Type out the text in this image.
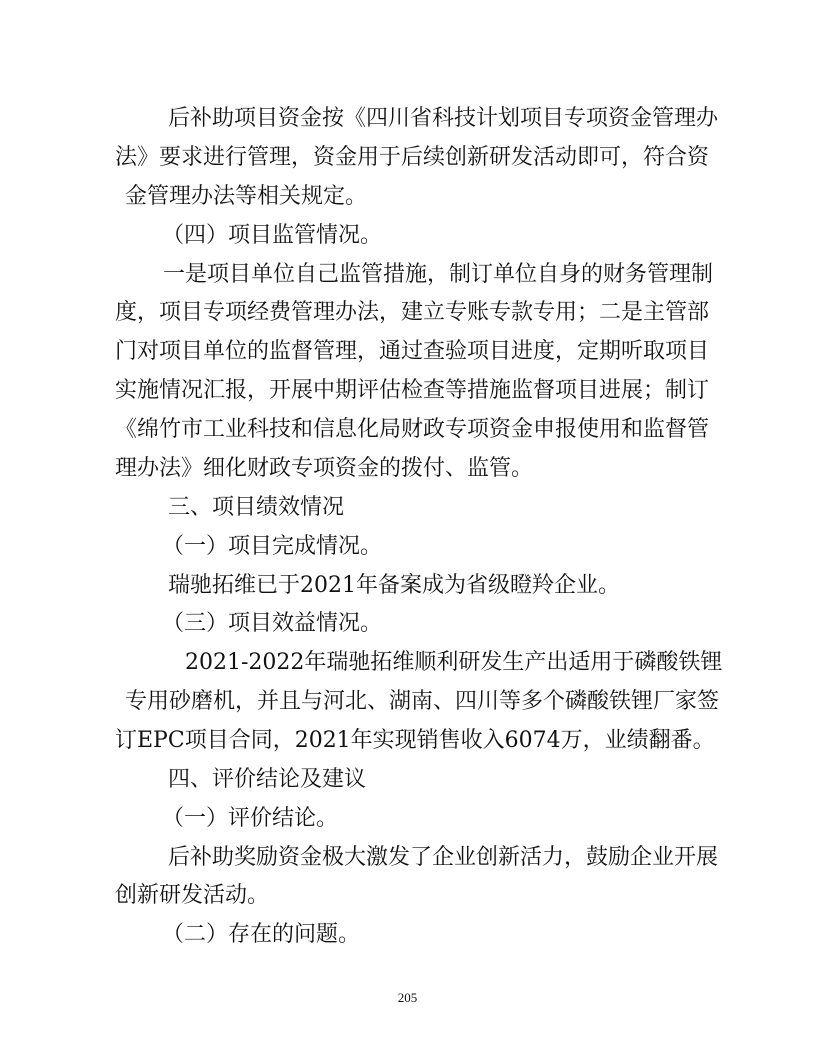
后补助项目资金按《四川省科技计划项目专项资金管理办
法》要求进行管理，资金用于后续创新研发活动即可，符合资
金管理办法等相关规定。
（四）项目监管情况。
一是项目单位自己监管措施，制订单位自身的财务管理制
度，项目专项经费管理办法，建立专账专款专用；二是主管部
门对项目单位的监督管理，通过查验项目进度，定期听取项目
实施情况汇报，开展中期评估检查等措施监督项目进展；制订
《绵竹市工业科技和信息化局财政专项资金申报使用和监督管
理办法》细化财政专项资金的拨付、监管。
三、项目绩效情况
（一）项目完成情况。
瑞驰拓维已于2021年备案成为省级瞪羚企业。
（三）项目效益情况。
2021-2022年瑞驰拓维顺利研发生产出适用于磷酸铁锂
专用砂磨机，并且与河北、湖南、四川等多个磷酸铁锂厂家签
订EPC项目合同，2021年实现销售收入6074万，业绩翻番。
四、评价结论及建议
（一）评价结论。
后补助奖励资金极大激发了企业创新活力，鼓励企业开展
创新研发活动。
（二）存在的问题。
205
